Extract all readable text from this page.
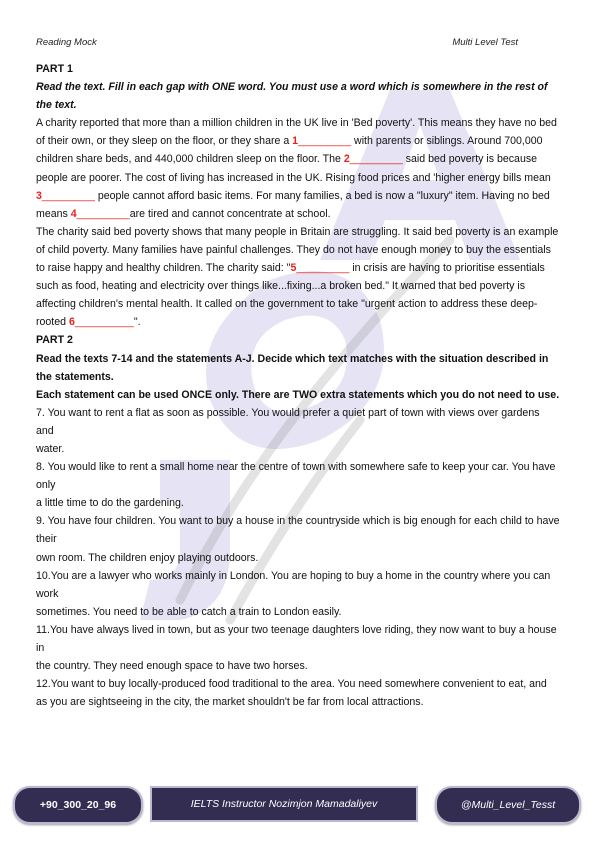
Reading Mock	Multi Level Test

PART 1

Read the text. Fill in each gap with ONE word. You must use a word which is somewhere in the rest of the text.

A charity reported that more than a million children in the UK live in 'Bed poverty'. This means they have no bed of their own, or they sleep on the floor, or they share a 1_________ with parents or siblings. Around 700,000 children share beds, and 440,000 children sleep on the floor. The 2_________ said bed poverty is because people are poorer. The cost of living has increased in the UK. Rising food prices and 'higher energy bills mean 3_________ people cannot afford basic items. For many families, a bed is now a "luxury" item. Having no bed means 4_________are tired and cannot concentrate at school.

The charity said bed poverty shows that many people in Britain are struggling. It said bed poverty is an example of child poverty. Many families have painful challenges. They do not have enough money to buy the essentials to raise happy and healthy children. The charity said: "5_________ in crisis are having to prioritise essentials such as food, heating and electricity over things like...fixing...a broken bed." It warned that bed poverty is affecting children's mental health. It called on the government to take "urgent action to address these deep-rooted 6__________".

PART 2

Read the texts 7-14 and the statements A-J. Decide which text matches with the situation described in the statements.

Each statement can be used ONCE only. There are TWO extra statements which you do not need to use.

7. You want to rent a flat as soon as possible. You would prefer a quiet part of town with views over gardens and
water.

8. You would like to rent a small home near the centre of town with somewhere safe to keep your car. You have only
a little time to do the gardening.

9. You have four children. You want to buy a house in the countryside which is big enough for each child to have their
own room. The children enjoy playing outdoors.

10.You are a lawyer who works mainly in London. You are hoping to buy a home in the country where you can work
sometimes. You need to be able to catch a train to London easily.

11.You have always lived in town, but as your two teenage daughters love riding, they now want to buy a house in
the country. They need enough space to have two horses.

12.You want to buy locally-produced food traditional to the area. You need somewhere convenient to eat, and as you are sightseeing in the city, the market shouldn't be far from local attractions.

+90_300_20_96	IELTS Instructor Nozimjon Mamadaliyev	@Multi_Level_Tesst
